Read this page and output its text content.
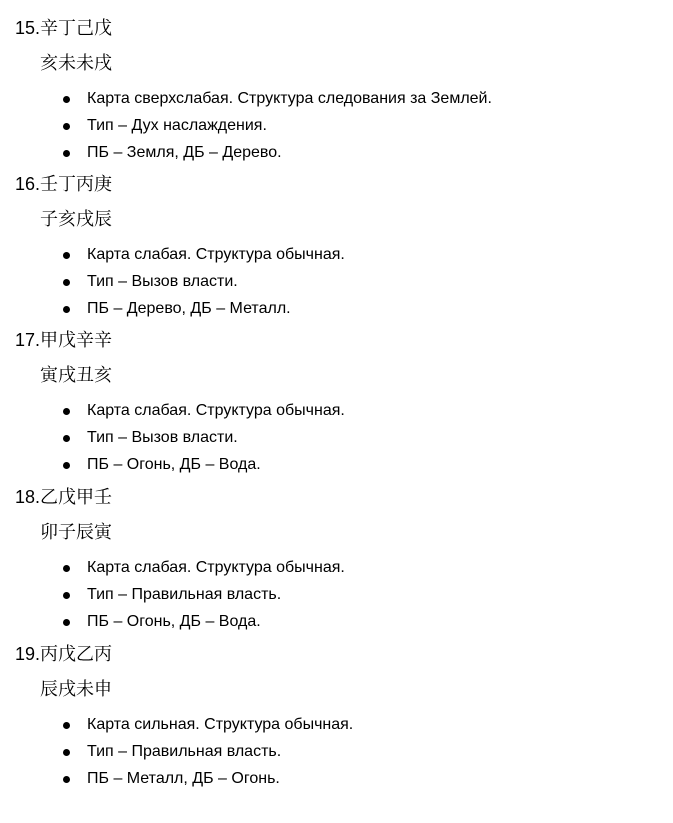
15.辛丁己戊
亥未未戌
Карта сверхслабая. Структура следования за Землей.
Тип – Дух наслаждения.
ПБ – Земля, ДБ – Дерево.
16.壬丁丙庚
子亥戌辰
Карта слабая. Структура обычная.
Тип – Вызов власти.
ПБ – Дерево, ДБ – Металл.
17.甲戊辛辛
寅戌丑亥
Карта слабая. Структура обычная.
Тип – Вызов власти.
ПБ – Огонь, ДБ – Вода.
18.乙戊甲壬
卯子辰寅
Карта слабая. Структура обычная.
Тип – Правильная власть.
ПБ – Огонь, ДБ – Вода.
19.丙戊乙丙
辰戌未申
Карта сильная. Структура обычная.
Тип – Правильная власть.
ПБ – Металл, ДБ – Огонь.
